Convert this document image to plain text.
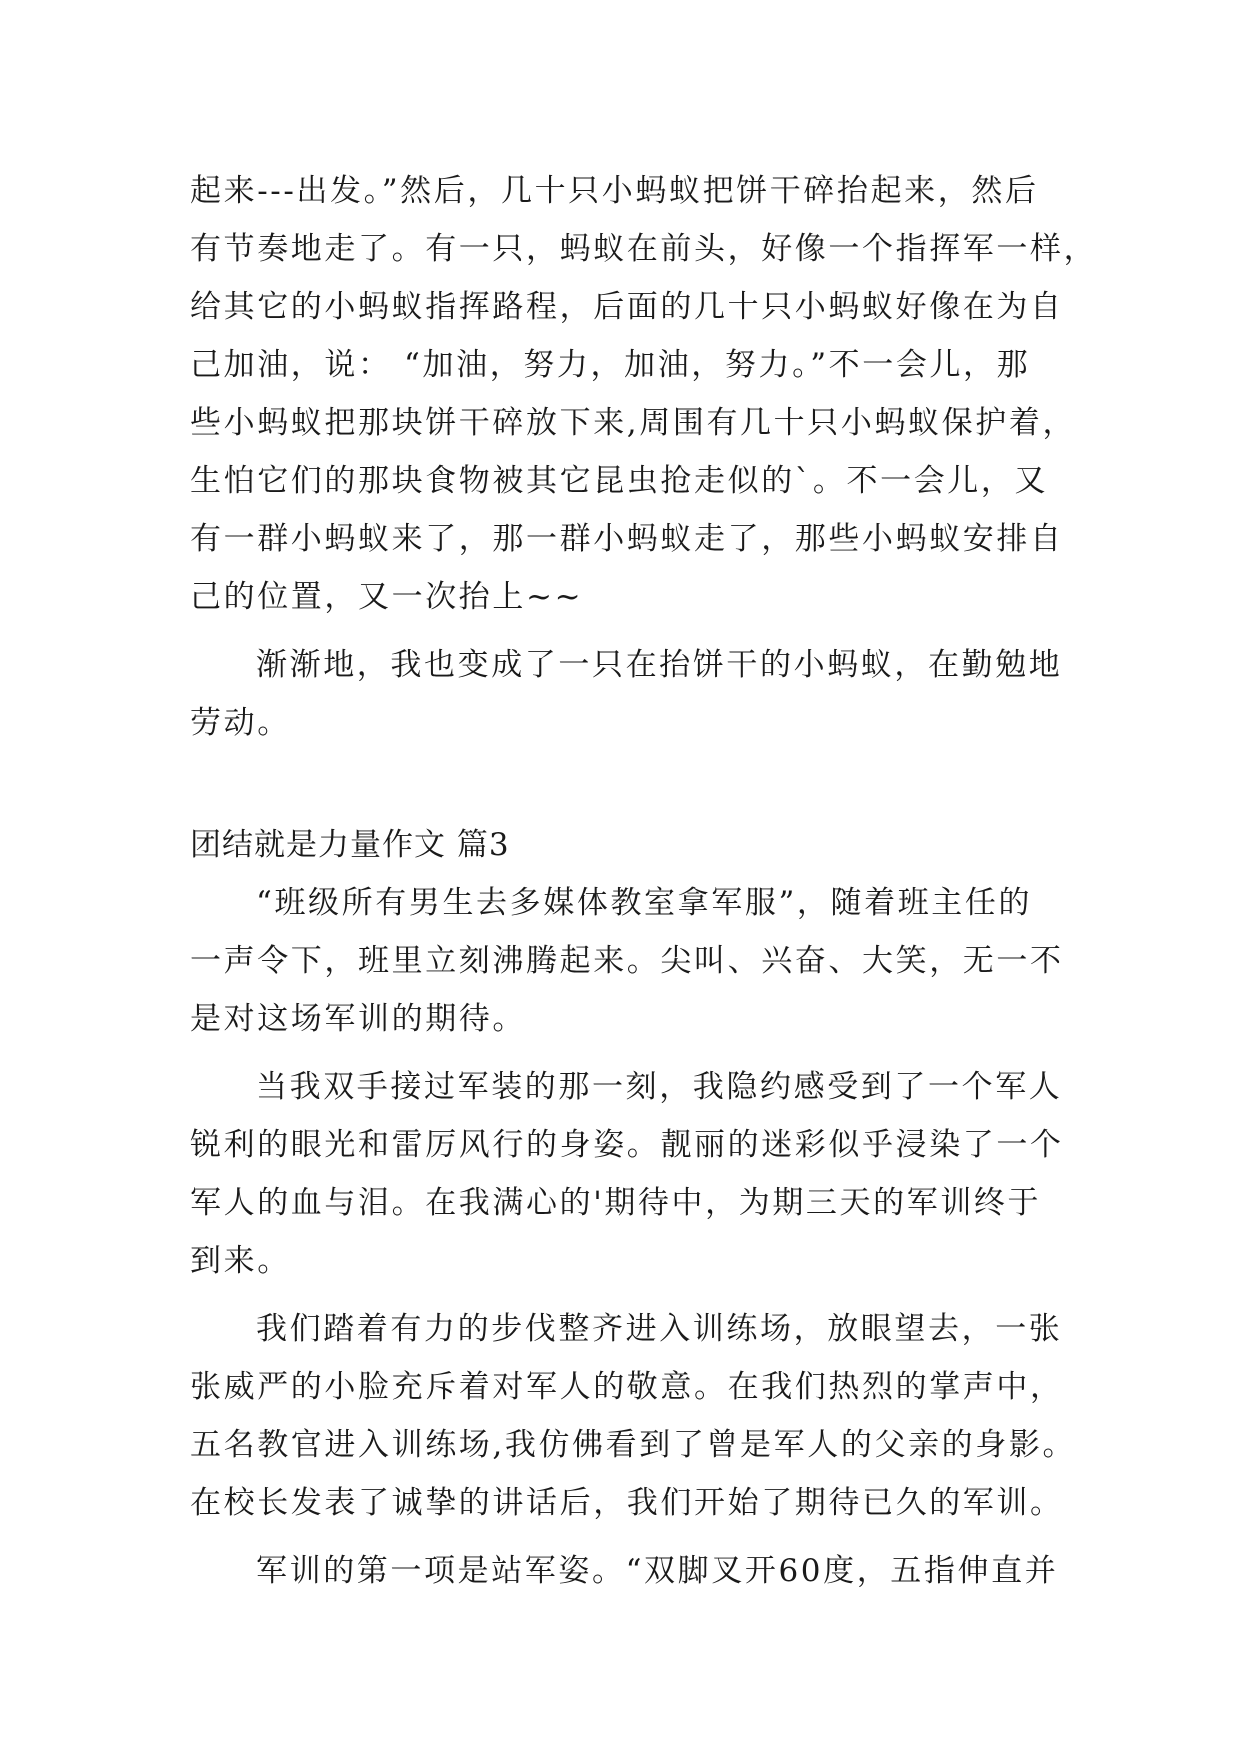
起来---出发。”然后，几十只小蚂蚁把饼干碎抬起来，然后
有节奏地走了。有一只，蚂蚁在前头，好像一个指挥军一样，
给其它的小蚂蚁指挥路程，后面的几十只小蚂蚁好像在为自
己加油，说： “加油，努力，加油，努力。”不一会儿，那
些小蚂蚁把那块饼干碎放下来,周围有几十只小蚂蚁保护着，
生怕它们的那块食物被其它昆虫抢走似的`。不一会儿，又
有一群小蚂蚁来了，那一群小蚂蚁走了，那些小蚂蚁安排自
己的位置，又一次抬上~~
渐渐地，我也变成了一只在抬饼干的小蚂蚁，在勤勉地
劳动。
团结就是力量作文 篇3
“班级所有男生去多媒体教室拿军服”，随着班主任的
一声令下，班里立刻沸腾起来。尖叫、兴奋、大笑，无一不
是对这场军训的期待。
当我双手接过军装的那一刻，我隐约感受到了一个军人
锐利的眼光和雷厉风行的身姿。靓丽的迷彩似乎浸染了一个
军人的血与泪。在我满心的'期待中，为期三天的军训终于
到来。
我们踏着有力的步伐整齐进入训练场，放眼望去，一张
张威严的小脸充斥着对军人的敬意。在我们热烈的掌声中，
五名教官进入训练场,我仿佛看到了曾是军人的父亲的身影。
在校长发表了诚挚的讲话后，我们开始了期待已久的军训。
军训的第一项是站军姿。“双脚叉开60度，五指伸直并
